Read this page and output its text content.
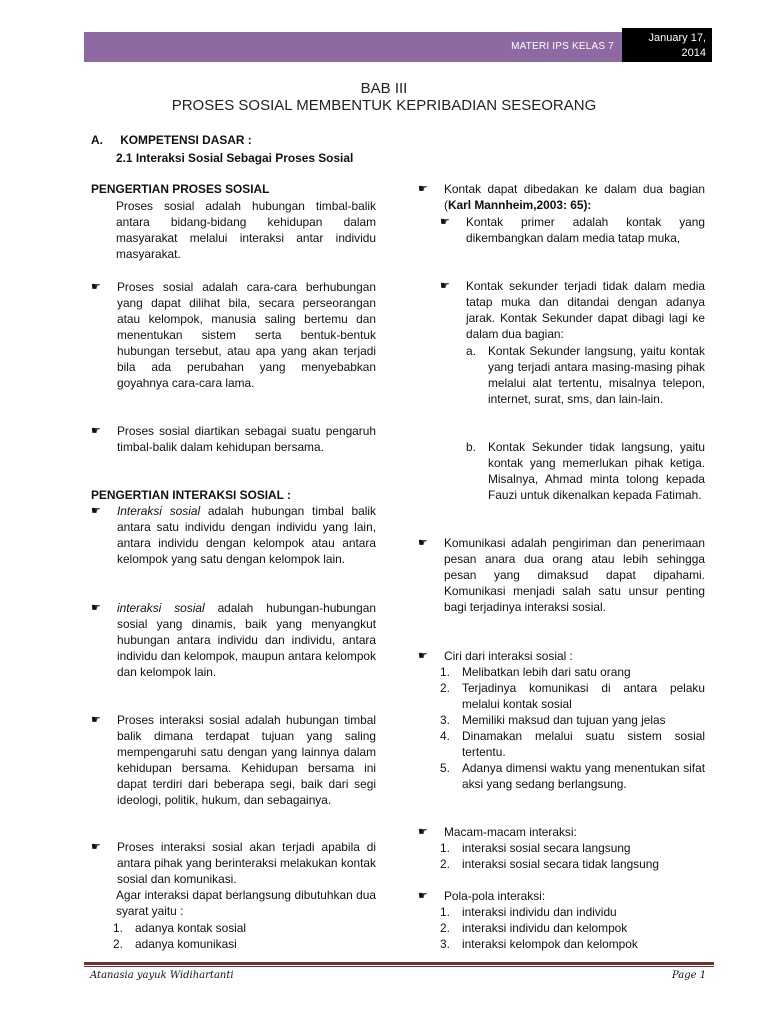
MATERI IPS KELAS 7
January 17, 2014
BAB III
PROSES SOSIAL MEMBENTUK KEPRIBADIAN SESEORANG
A. KOMPETENSI DASAR :
2.1 Interaksi Sosial Sebagai Proses Sosial
PENGERTIAN PROSES SOSIAL
Proses sosial adalah hubungan timbal-balik antara bidang-bidang kehidupan dalam masyarakat melalui interaksi antar individu masyarakat.
☛	Proses sosial adalah cara-cara berhubungan yang dapat dilihat bila, secara perseorangan atau kelompok, manusia saling bertemu dan menentukan sistem serta bentuk-bentuk hubungan tersebut, atau apa yang akan terjadi bila ada perubahan yang menyebabkan goyahnya cara-cara lama.
☛	Proses sosial diartikan sebagai suatu pengaruh timbal-balik dalam kehidupan bersama.
PENGERTIAN INTERAKSI SOSIAL :
☛	Interaksi sosial adalah hubungan timbal balik antara satu individu dengan individu yang lain, antara individu dengan kelompok atau antara kelompok yang satu dengan kelompok lain.
☛	interaksi sosial adalah hubungan-hubungan sosial yang dinamis, baik yang menyangkut hubungan antara individu dan individu, antara individu dan kelompok, maupun antara kelompok dan kelompok lain.
☛	Proses interaksi sosial adalah hubungan timbal balik dimana terdapat tujuan yang saling mempengaruhi satu dengan yang lainnya dalam kehidupan bersama. Kehidupan bersama ini dapat terdiri dari beberapa segi, baik dari segi ideologi, politik, hukum, dan sebagainya.
☛	Proses interaksi sosial akan terjadi apabila di antara pihak yang berinteraksi melakukan kontak sosial dan komunikasi.
Agar interaksi dapat berlangsung dibutuhkan dua syarat yaitu :
1.	adanya kontak sosial
2.	adanya komunikasi
☛	Kontak dapat dibedakan ke dalam dua bagian (Karl Mannheim,2003: 65):
☛	Kontak primer adalah kontak yang dikembangkan dalam media tatap muka,
☛	Kontak sekunder terjadi tidak dalam media tatap muka dan ditandai dengan adanya jarak. Kontak Sekunder dapat dibagi lagi ke dalam dua bagian:
a.	Kontak Sekunder langsung, yaitu kontak yang terjadi antara masing-masing pihak melalui alat tertentu, misalnya telepon, internet, surat, sms, dan lain-lain.
b.	Kontak Sekunder tidak langsung, yaitu kontak yang memerlukan pihak ketiga. Misalnya, Ahmad minta tolong kepada Fauzi untuk dikenalkan kepada Fatimah.
☛	Komunikasi adalah pengiriman dan penerimaan pesan anara dua orang atau lebih sehingga pesan yang dimaksud dapat dipahami. Komunikasi menjadi salah satu unsur penting bagi terjadinya interaksi sosial.
☛	Ciri dari interaksi sosial :
1.	Melibatkan lebih dari satu orang
2.	Terjadinya komunikasi di antara pelaku melalui kontak sosial
3.	Memiliki maksud dan tujuan yang jelas
4.	Dinamakan melalui suatu sistem sosial tertentu.
5.	Adanya dimensi waktu yang menentukan sifat aksi yang sedang berlangsung.
☛	Macam-macam interaksi:
1.	interaksi sosial secara langsung
2.	interaksi sosial secara tidak langsung
☛	Pola-pola interaksi:
1.	interaksi individu dan individu
2.	interaksi individu dan kelompok
3.	interaksi kelompok dan kelompok
Atanasia yayuk Widihartanti	Page 1
